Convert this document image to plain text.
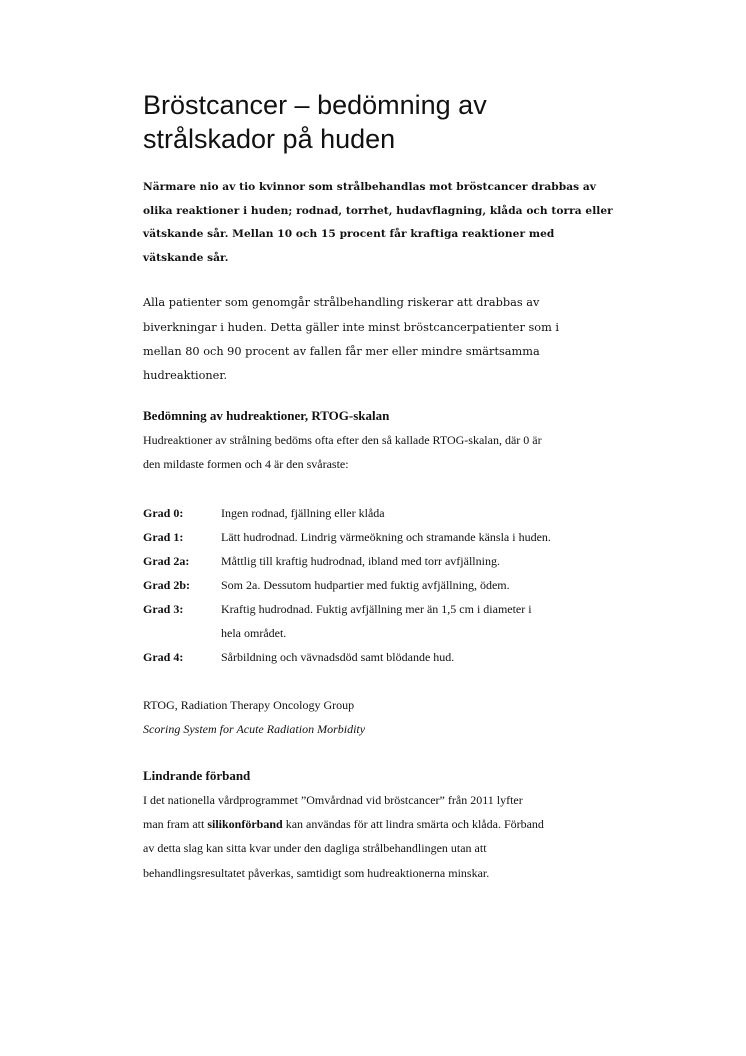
Bröstcancer – bedömning av
strålskador på huden

Närmare nio av tio kvinnor som strålbehandlas mot bröstcancer drabbas av
olika reaktioner i huden; rodnad, torrhet, hudavflagning, klåda och torra eller
vätskande sår. Mellan 10 och 15 procent får kraftiga reaktioner med
vätskande sår.

Alla patienter som genomgår strålbehandling riskerar att drabbas av
biverkningar i huden. Detta gäller inte minst bröstcancerpatienter som i
mellan 80 och 90 procent av fallen får mer eller mindre smärtsamma
hudreaktioner.

Bedömning av hudreaktioner, RTOG-skalan

Hudreaktioner av strålning bedöms ofta efter den så kallade RTOG-skalan, där 0 är
den mildaste formen och 4 är den svåraste:

Grad 0:	Ingen rodnad, fjällning eller klåda
Grad 1:	Lätt hudrodnad. Lindrig värmeökning och stramande känsla i huden.
Grad 2a:	Måttlig till kraftig hudrodnad, ibland med torr avfjällning.
Grad 2b:	Som 2a. Dessutom hudpartier med fuktig avfjällning, ödem.
Grad 3:	Kraftig hudrodnad. Fuktig avfjällning mer än 1,5 cm i diameter i
hela området.
Grad 4:	Sårbildning och vävnadsdöd samt blödande hud.
RTOG, Radiation Therapy Oncology Group
Scoring System for Acute Radiation Morbidity
Lindrande förband

I det nationella vårdprogrammet ”Omvårdnad vid bröstcancer” från 2011 lyfter
man fram att silikonförband kan användas för att lindra smärta och klåda. Förband
av detta slag kan sitta kvar under den dagliga strålbehandlingen utan att
behandlingsresultatet påverkas, samtidigt som hudreaktionerna minskar.
